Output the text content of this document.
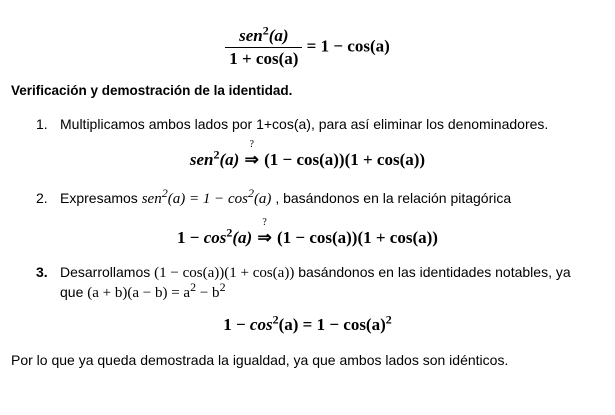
$\frac{sen^2(a)}{1 + \cos(a)} = 1 - \cos(a)$
Verificación y demostración de la identidad.
1. Multiplicamos ambos lados por 1+cos(a), para así eliminar los denominadores.
sen$^2$(a)
?
⇒ (1 − cos(a))(1 + cos(a))
2. Expresamos $sen^2(a) = 1 - \cos^2(a)$ , basándonos en la relación pitagórica
$1 - \cos^2(a)$
?
⇒ (1 − cos(a))(1 + cos(a))
3. Desarrollamos (1 − cos(a))(1 + cos(a)) basándonos en las identidades notables, ya
que $(a + b)(a - b) = a^2 - b^2$
$1 - \cos^2(a) = 1 - \cos(a)^2$
Por lo que ya queda demostrada la igualdad, ya que ambos lados son idénticos.
